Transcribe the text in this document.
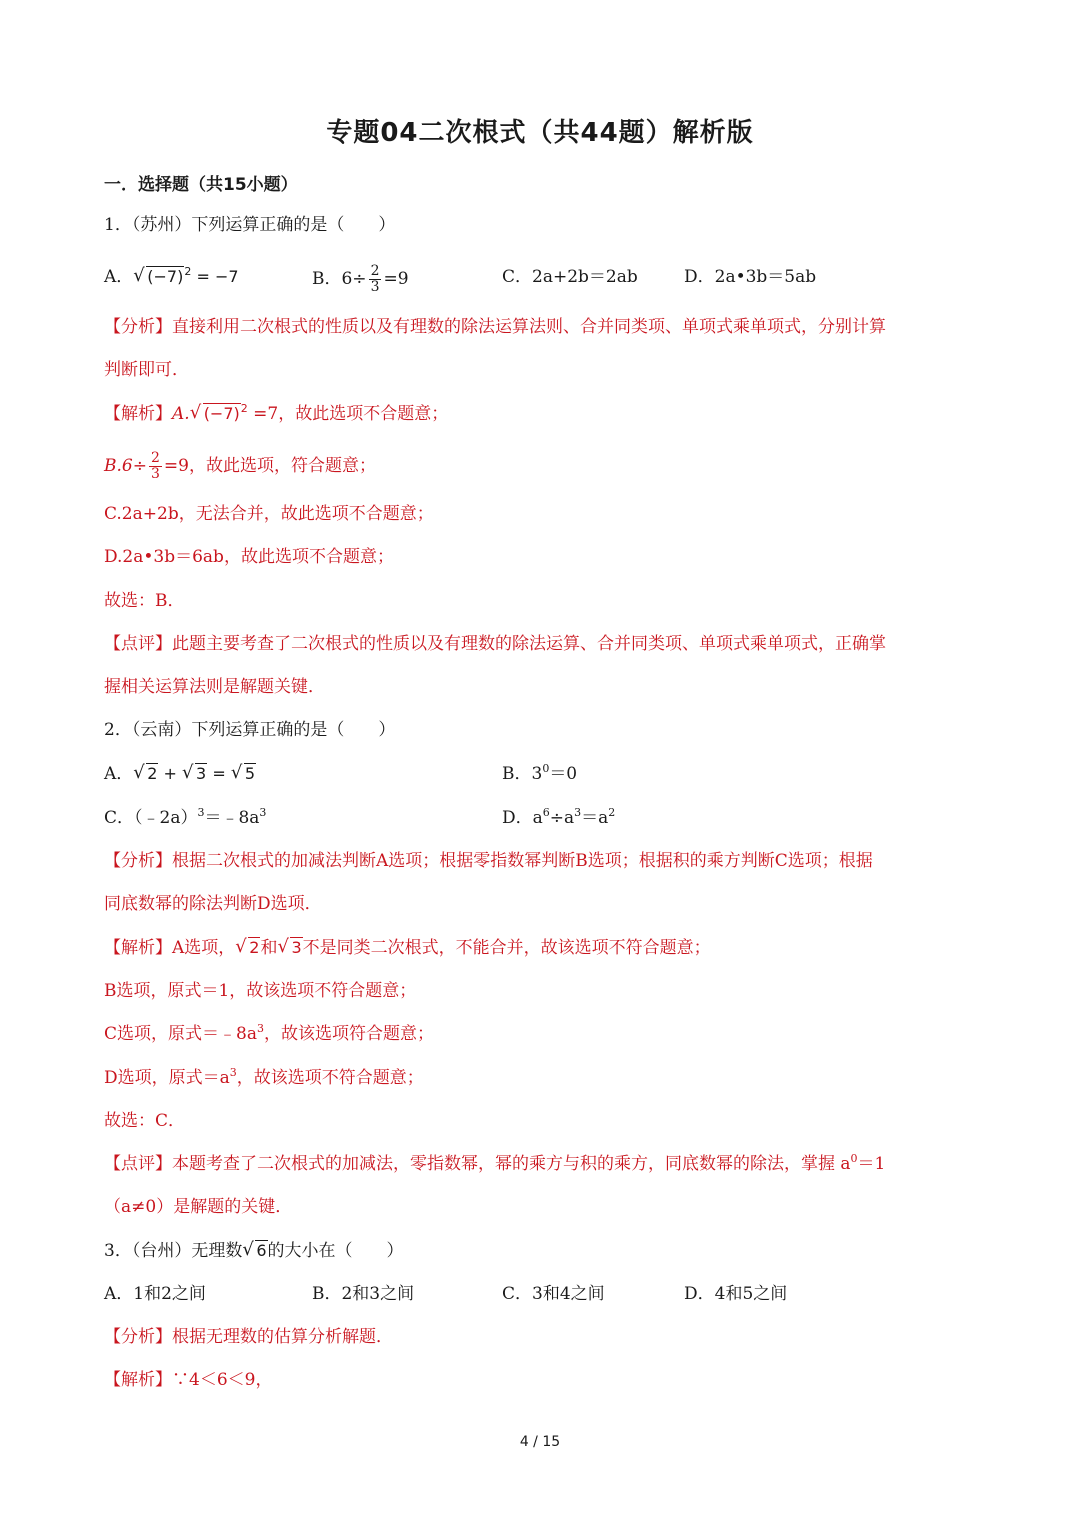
专题04二次根式（共44题）解析版
一．选择题（共15小题）
1．（苏州）下列运算正确的是（　　）
A． √ $(-7)^2 = -7$	B．$6\div \frac{2}{3} =9$	C．2a+2b＝2ab	D．2a•3b＝5ab
【分析】直接利用二次根式的性质以及有理数的除法运算法则、合并同类项、单项式乘单项式，分别计算
判断即可．
【解析】A. √ $(-7)^2 =7$，故此选项不合题意；
$B.6\div \frac{2}{3} =9$，故此选项，符合题意；
C.2a+2b，无法合并，故此选项不合题意；
D.2a•3b＝6ab，故此选项不合题意；
故选：B．
【点评】此题主要考查了二次根式的性质以及有理数的除法运算、合并同类项、单项式乘单项式，正确掌
握相关运算法则是解题关键．
2．（云南）下列运算正确的是（　　）
A． √ 2 + √ 3 = √ 5	B．$3^0=0$
C．$(﹣2a)^3=﹣8a^3$	D．$a^6\div a^3=a^2$
【分析】根据二次根式的加减法判断A选项；根据零指数幂判断B选项；根据积的乘方判断C选项；根据
同底数幂的除法判断D选项．
【解析】A选项， √ 2和 √ 3不是同类二次根式，不能合并，故该选项不符合题意；
B选项，原式＝1，故该选项不符合题意；
C选项，原式$=﹣8a^3$，故该选项符合题意；
D选项，原式$=a^3$，故该选项不符合题意；
故选：C．
【点评】本题考查了二次根式的加减法，零指数幂，幂的乘方与积的乘方，同底数幂的除法，掌握 $a^0=1$
（a≠0）是解题的关键．
3．（台州）无理数 √ 6的大小在（　　）
A．1和2之间	B．2和3之间	C．3和4之间	D．4和5之间
【分析】根据无理数的估算分析解题．
【解析】∵4＜6＜9，
4 / 15
